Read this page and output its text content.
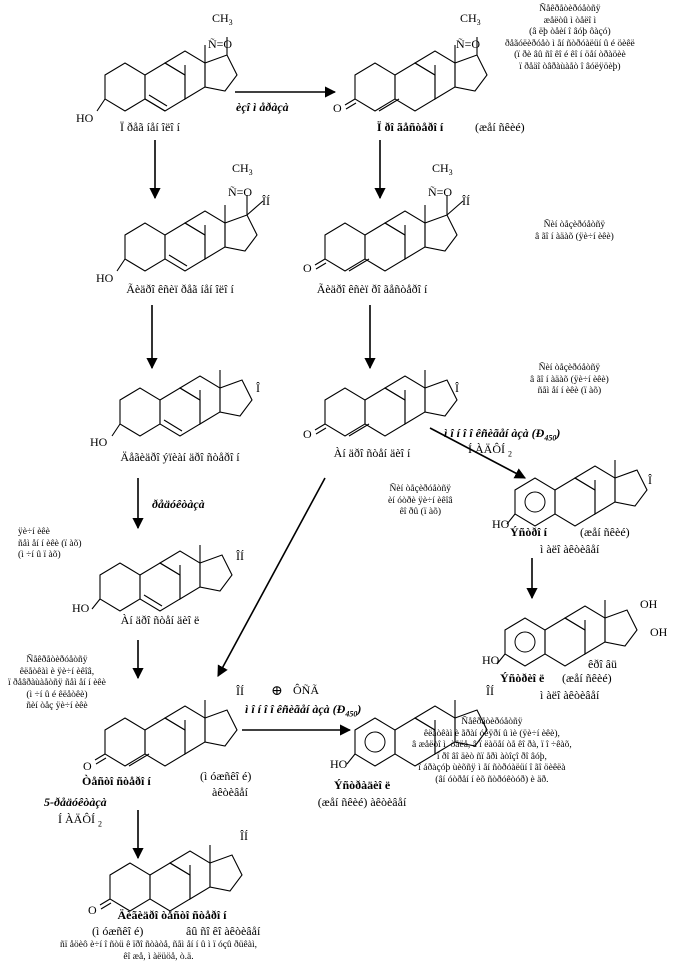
HO
$CH_3$
Ñ=O
O
$CH_3$
Ñ=O
HO
$CH_3$
Ñ=O
ÎÍ
O
$CH_3$
Ñ=O
ÎÍ
HO
Î
O
Î
HO
Î
HO
ÎÍ
HO
OH
OH
êðî âü
O
ÎÍ
HO
ÎÍ
O
ÎÍ
Ï ðåã íåí îëî í	Ï ðî ãåñòåðî í	(æåí ñêèé)
Ãèäðî êñèï ðåã íåí îëî í	Ãèäðî êñèï ðî ãåñòåðî í
Äåãèäðî ýïèàí äðî ñòåðî í	Àí äðî ñòåí äèî í
Ýñòðî í	(æåí ñêèé)
ì àëî àêòèâåí
Àí äðî ñòåí äèî ë
Ýñòðèî ë (æåí ñêèé)
ì àëî àêòèâåí
Òåñòî ñòåðî í	(ì óæñêî é)
àêòèâåí	Ýñòðàäèî ë
(æåí ñêèé) àêòèâåí
Äèãèäðî òåñòî ñòåðî í
(ì óæñêî é)	âû ñî êî àêòèâåí
èçî ì åðàçà
ì î í î î êñèãåí àçà $(Ð_{450})$
Í ÀÄÔÍ $_2$
ðåäóêòàçà
⊕ ÔÑÃ
ì î í î î êñèãåí àçà $(Ð_{450})$
5-ðåäóêòàçà
Í ÀÄÔÍ $_2$
Ñåêðåòèðóåòñÿ
æåëòû ì òåëî ì
(â ëþ òåèí î âóþ ôàçó)
ðåãóëèðóåò ì åí ñòðóàëüí û é öèêë
(ï ðè âû ñî êî é êî í öåí òðàöèè
ï ðåäî òâðàùàåò î âóëÿöèþ)
Ñèí òåçèðóåòñÿ
â ãî í àäàõ (ÿè÷í èêè)
Ñèí òåçèðóåòñÿ
â ãî í àäàõ (ÿè÷í èêè)
ñåì åí í èêè (ï àõ)
Ñèí òåçèðóåòñÿ
èí óòðè ÿè÷í èêîâ
êî ðû (ï àõ)
ÿè÷í èêè
ñåì åí í èêè (ï àõ)
(ì ÷í û ï àõ)
Ñåêðåòèðóåòñÿ
êëåòêàì è ÿè÷í èêîâ,
ï ðåâðàùàåòñÿ ñåì åí í èêè
(ì ÷í û é êëåòêè)
ñèí òåç ÿè÷í èêè
Ñåêðåòèðóåòñÿ
êëåòêàì è ãðàí óëÿðí û ìè (ÿè÷í èêè),
â æåëòî ì  òåëå, â ï ëàöåí òå êî ðà, ï î ÷êàõ,
ï ðî âî äèò ñï åðì àòîçî ðî âóþ,
î áðàçóþ ùèõñÿ ì åí ñòðóàëüí î ãî öèêëà
(âí óòðåí í èõ ñòðóêòóð) è äð.
ñï åöèô è÷í î ñòü ê ïðî ñòàòå, ñåì åí í û ì ï óçû ðüêàì,
êî æå, ì àëüöå, ò.ä.
